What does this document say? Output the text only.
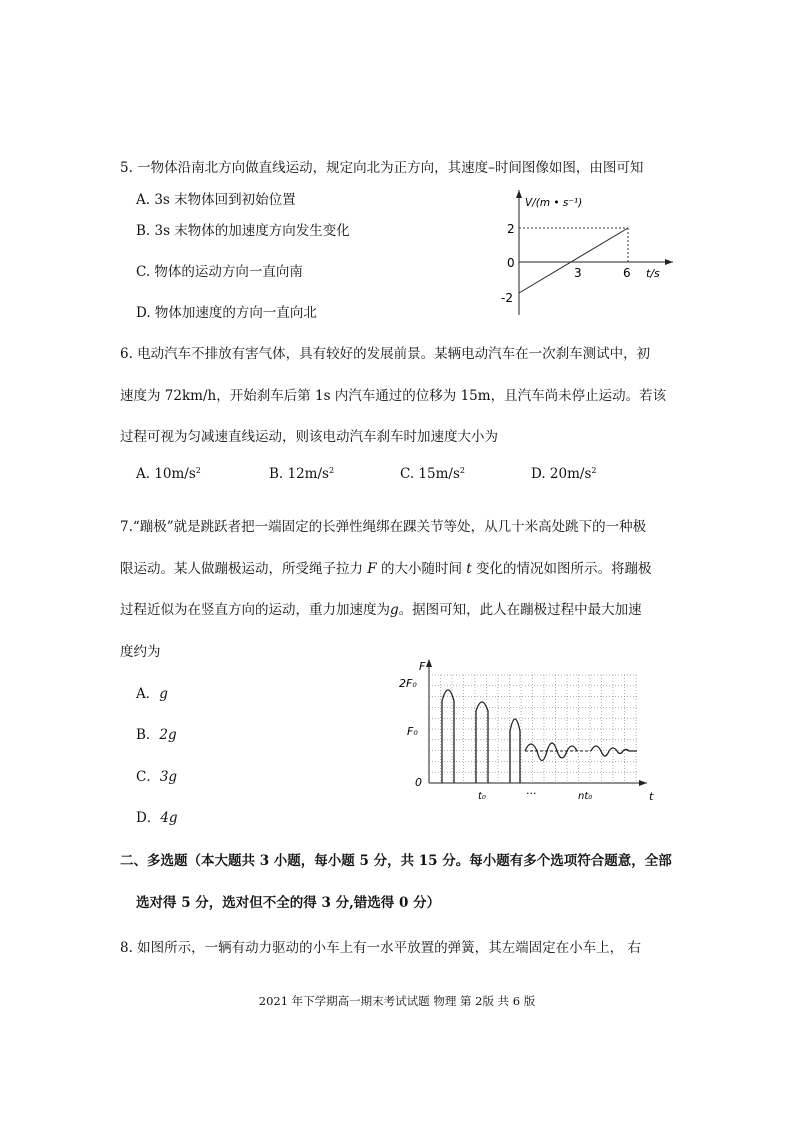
5. 一物体沿南北方向做直线运动，规定向北为正方向，其速度–时间图像如图，由图可知
A. 3s 末物体回到初始位置
B. 3s 末物体的加速度方向发生变化
C. 物体的运动方向一直向南
D. 物体加速度的方向一直向北
V/(m • s⁻¹)
2
0
-2
3	6 t/s
6. 电动汽车不排放有害气体，具有较好的发展前景。某辆电动汽车在一次刹车测试中，初
速度为 72km/h，开始刹车后第 1s 内汽车通过的位移为 15m，且汽车尚未停止运动。若该
过程可视为匀减速直线运动，则该电动汽车刹车时加速度大小为
A. $10m/s^2$	B. $12m/s^2$	C. $15m/s^2$	D. $20m/s^2$
7.“蹦极”就是跳跃者把一端固定的长弹性绳绑在踝关节等处，从几十米高处跳下的一种极
限运动。某人做蹦极运动，所受绳子拉力 F 的大小随时间 t 变化的情况如图所示。将蹦极
过程近似为在竖直方向的运动，重力加速度为g。据图可知，此人在蹦极过程中最大加速
度约为
A．g
B．2g
C．3g
D．4g
F
2F₀
F₀
0
t₀	···	nt₀	t
二、多选题（本大题共 3 小题，每小题 5 分，共 15 分。每小题有多个选项符合题意，全部
选对得 5 分，选对但不全的得 3 分,错选得 0 分）
8. 如图所示，一辆有动力驱动的小车上有一水平放置的弹簧，其左端固定在小车上， 右
2021 年下学期高一期末考试试题 物理 第 2版 共 6 版
